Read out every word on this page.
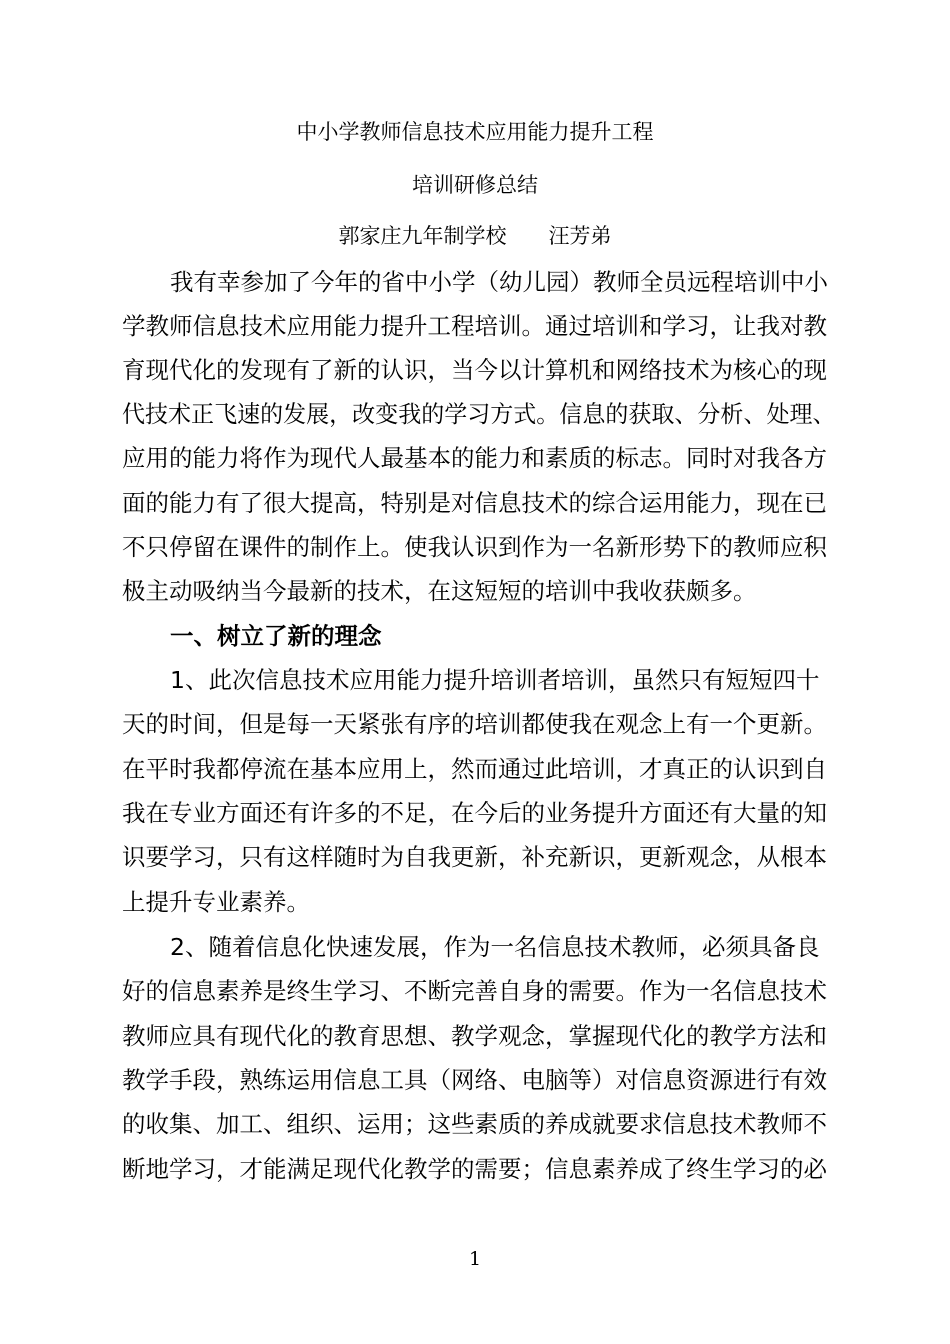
中小学教师信息技术应用能力提升工程
培训研修总结
郭家庄九年制学校 汪芳弟
我有幸参加了今年的省中小学（幼儿园）教师全员远程培训中小
学教师信息技术应用能力提升工程培训。通过培训和学习，让我对教
育现代化的发现有了新的认识，当今以计算机和网络技术为核心的现
代技术正飞速的发展，改变我的学习方式。信息的获取、分析、处理、
应用的能力将作为现代人最基本的能力和素质的标志。同时对我各方
面的能力有了很大提高，特别是对信息技术的综合运用能力，现在已
不只停留在课件的制作上。使我认识到作为一名新形势下的教师应积
极主动吸纳当今最新的技术，在这短短的培训中我收获颇多。
一、树立了新的理念
1、此次信息技术应用能力提升培训者培训，虽然只有短短四十
天的时间，但是每一天紧张有序的培训都使我在观念上有一个更新。
在平时我都停流在基本应用上，然而通过此培训，才真正的认识到自
我在专业方面还有许多的不足，在今后的业务提升方面还有大量的知
识要学习，只有这样随时为自我更新，补充新识，更新观念，从根本
上提升专业素养。
2、随着信息化快速发展，作为一名信息技术教师，必须具备良
好的信息素养是终生学习、不断完善自身的需要。作为一名信息技术
教师应具有现代化的教育思想、教学观念，掌握现代化的教学方法和
教学手段，熟练运用信息工具（网络、电脑等）对信息资源进行有效
的收集、加工、组织、运用；这些素质的养成就要求信息技术教师不
断地学习，才能满足现代化教学的需要；信息素养成了终生学习的必
1
